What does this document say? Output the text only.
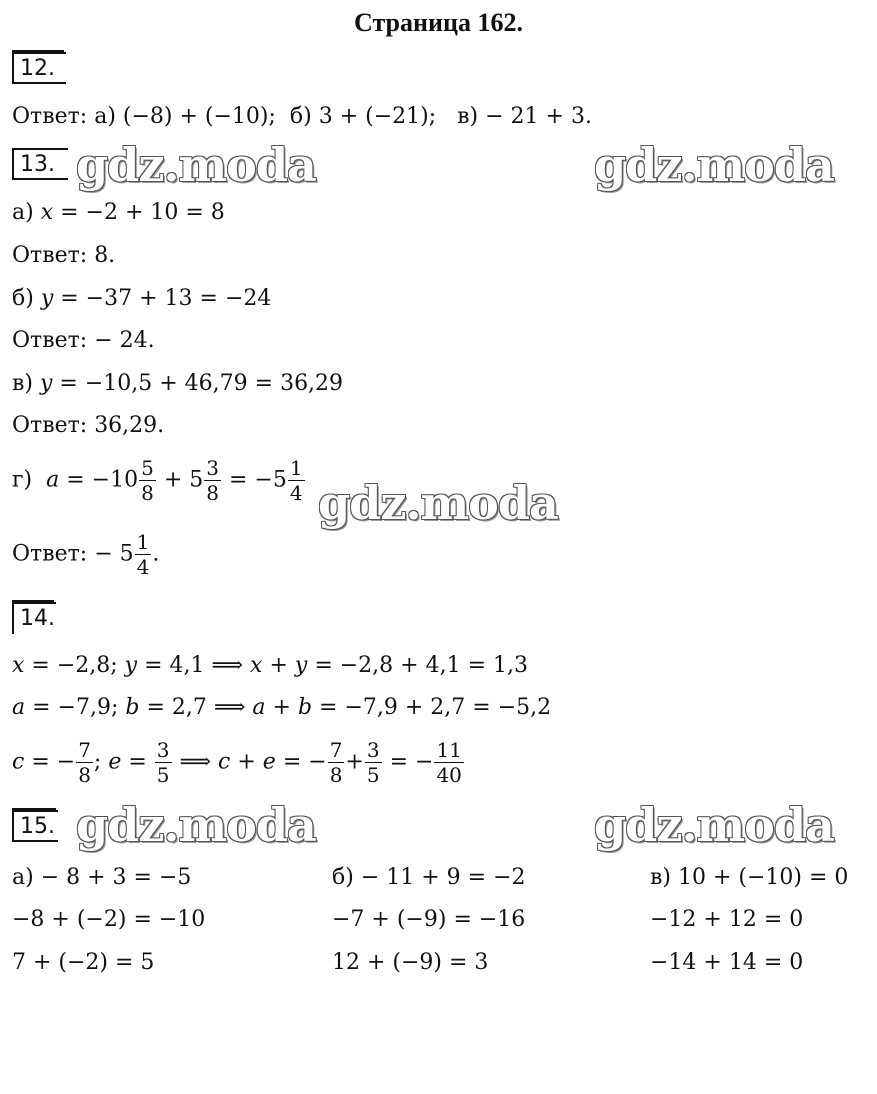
Страница 162.
12.
Ответ: а) (−8) + (−10); б) 3 + (−21); в) − 21 + 3.
13. gdz.moda	gdz.moda
а) x = −2 + 10 = 8
Ответ: 8.
б) y = −37 + 13 = −24
Ответ: − 24.
в) y = −10,5 + 46,79 = 36,29
Ответ: 36,29.
г) $a = -10 \frac{5}{8} + 5 \frac{3}{8} = -5 \frac{1}{4}$ gdz.moda
Ответ: − $5 \frac{1}{4}$ .
14.
x = −2,8; y = 4,1 ⟹ x + y = −2,8 + 4,1 = 1,3
a = −7,9; b = 2,7 ⟹ a + b = −7,9 + 2,7 = −5,2
c = − $\frac{7}{8}$ ; $e = \frac{3}{5}$ ⟹ c + e = − $\frac{7}{8} + \frac{3}{5}$ = − $\frac{11}{40}$
15. gdz.moda	gdz.moda
а) − 8 + 3 = −5
−8 + (−2) = −10
7 + (−2) = 5
б) − 11 + 9 = −2
−7 + (−9) = −16
12 + (−9) = 3
в) 10 + (−10) = 0
−12 + 12 = 0
−14 + 14 = 0
